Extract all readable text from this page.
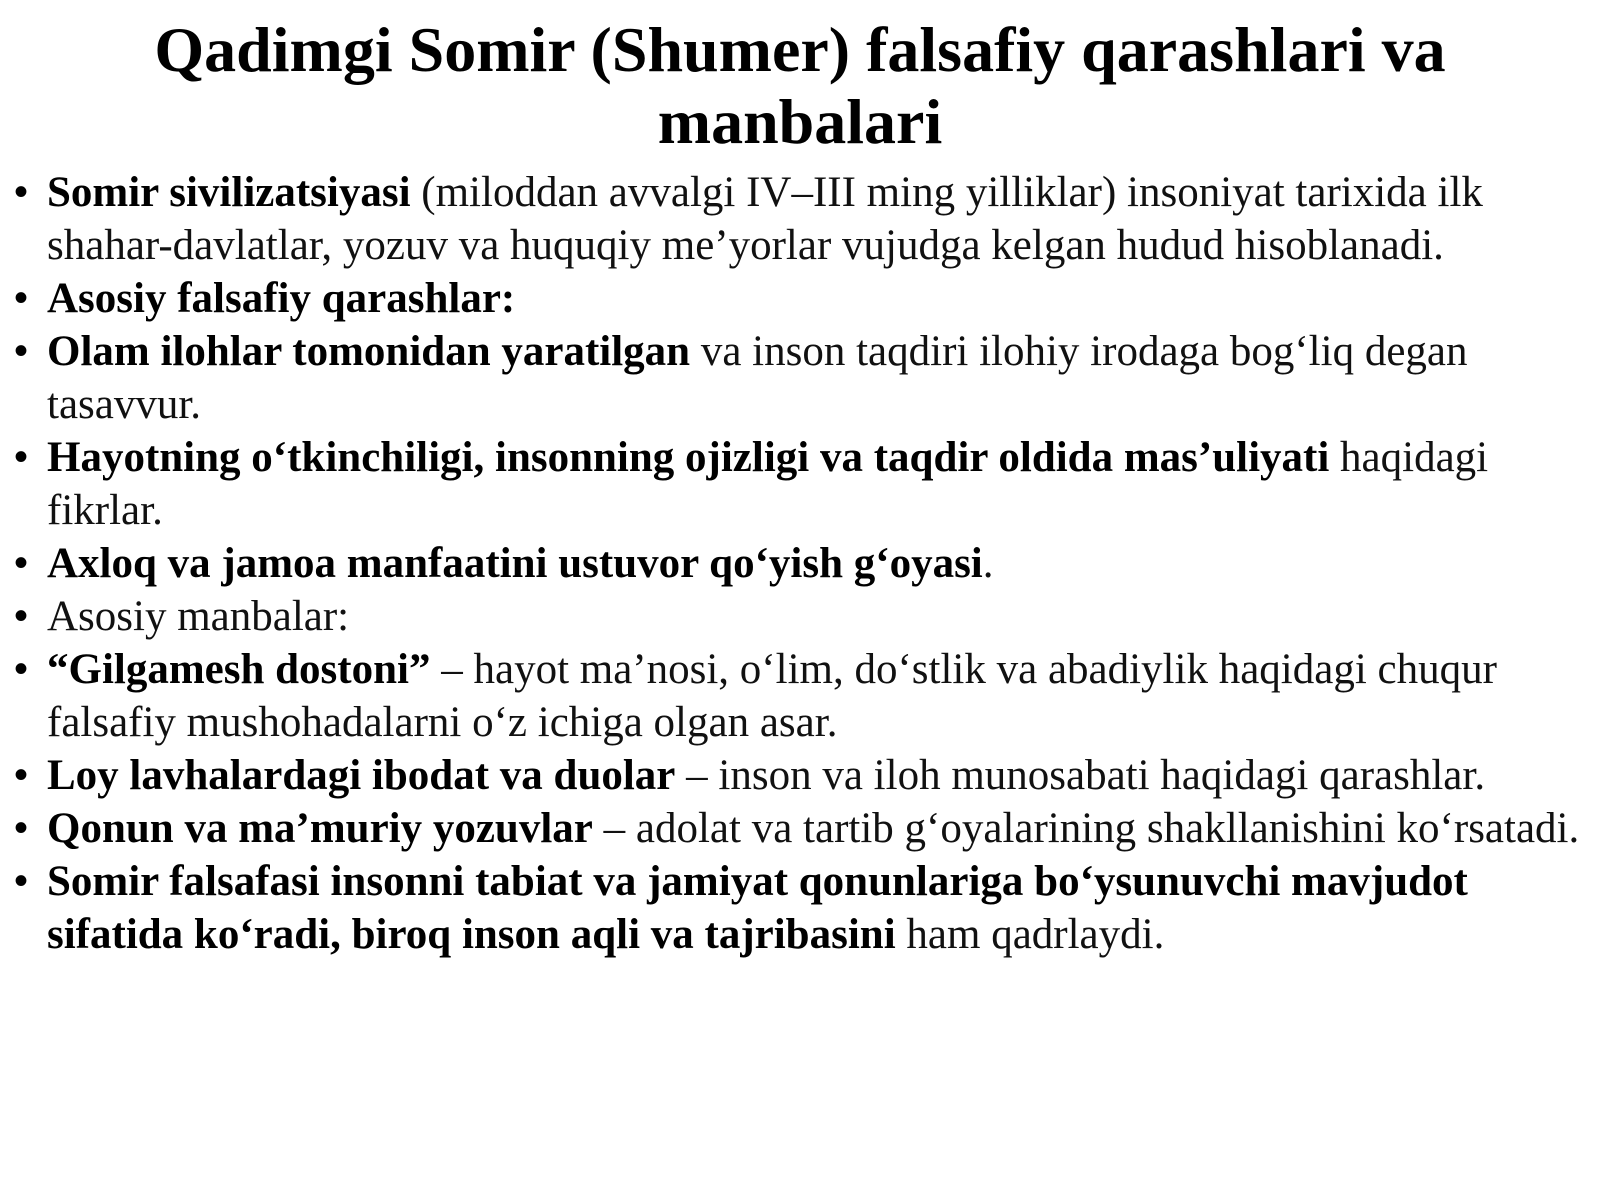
Qadimgi Somir (Shumer) falsafiy qarashlari va manbalari
• Somir sivilizatsiyasi (miloddan avvalgi IV–III ming yilliklar) insoniyat tarixida ilk shahar-davlatlar, yozuv va huquqiy me’yorlar vujudga kelgan hudud hisoblanadi.
• Asosiy falsafiy qarashlar:
• Olam ilohlar tomonidan yaratilgan va inson taqdiri ilohiy irodaga bog‘liq degan tasavvur.
• Hayotning o‘tkinchiligi, insonning ojizligi va taqdir oldida mas’uliyati haqidagi fikrlar.
• Axloq va jamoa manfaatini ustuvor qo‘yish g‘oyasi.
• Asosiy manbalar:
• “Gilgamesh dostoni” – hayot ma’nosi, o‘lim, do‘stlik va abadiylik haqidagi chuqur falsafiy mushohadalarni o‘z ichiga olgan asar.
• Loy lavhalardagi ibodat va duolar – inson va iloh munosabati haqidagi qarashlar.
• Qonun va ma’muriy yozuvlar – adolat va tartib g‘oyalarining shakllanishini ko‘rsatadi.
• Somir falsafasi insonni tabiat va jamiyat qonunlariga bo‘ysunuvchi mavjudot sifatida ko‘radi, biroq inson aqli va tajribasini ham qadrlaydi.
